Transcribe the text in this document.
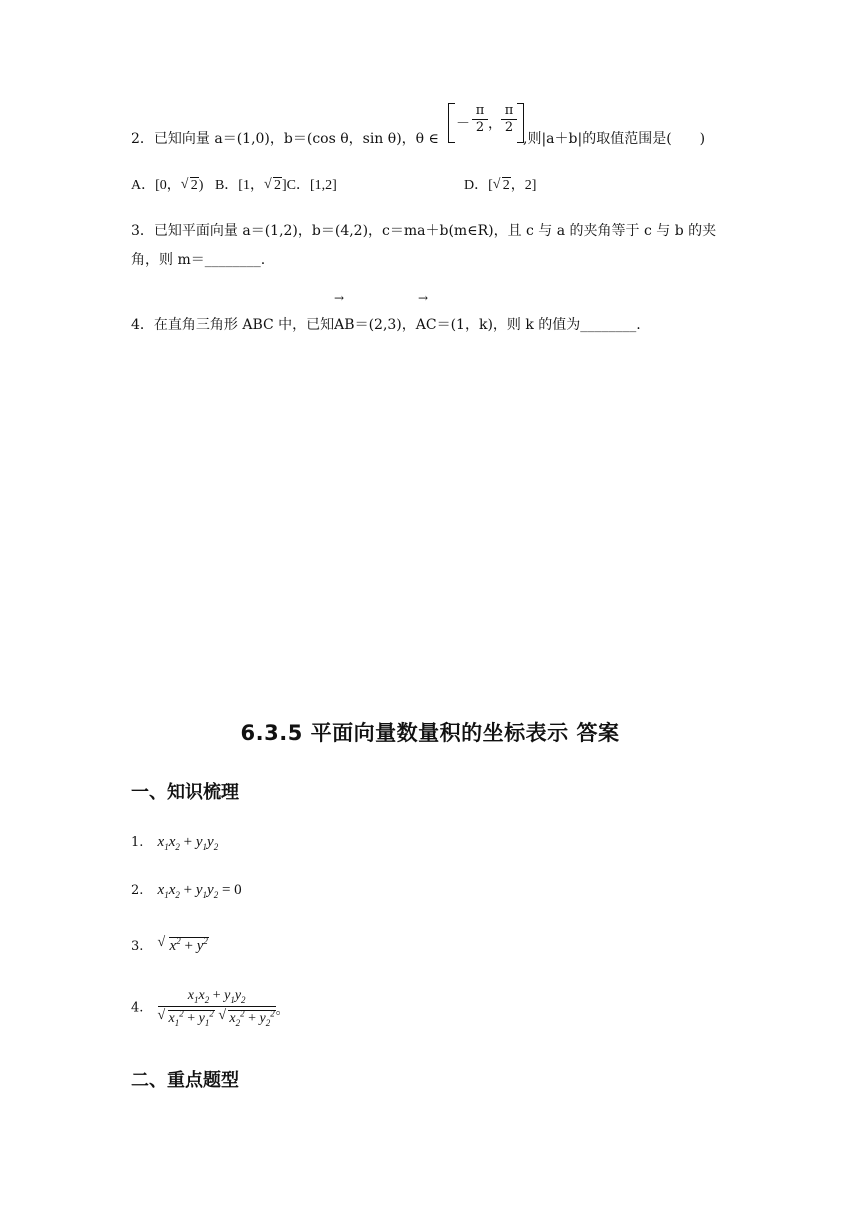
2．已知向量 a＝(1,0)，b＝(cos θ，sin θ)，θ ∈
－ $\frac{\pi}{2}$ ， $\frac{\pi}{2}$
,则|a＋b|的取值范围是(　　)
A．[0， √ 2) B．[1， √ 2]C．[1,2]	D．[ √ 2，2]
3．已知平面向量 a＝(1,2)，b＝(4,2)，c＝ma＋b(m∈R)，且 c 与 a 的夹角等于 c 与 b 的夹
角，则 m＝________.
→	→
4．在直角三角形 ABC 中，已知AB＝(2,3)，AC＝(1，k)，则 k 的值为________.
6.3.5 平面向量数量积的坐标表示 答案
一、知识梳理
1. $x_1x_2 + y_1y_2$
2. $x_1x_2 + y_1y_2 = 0$
3. √ $x^2 + y^2$
4. $x_1x_2 + y_1y_2$
√ $x_1^2 + y_1^2$ √ $x_2^2 + y_2^2$ 。
二、重点题型
